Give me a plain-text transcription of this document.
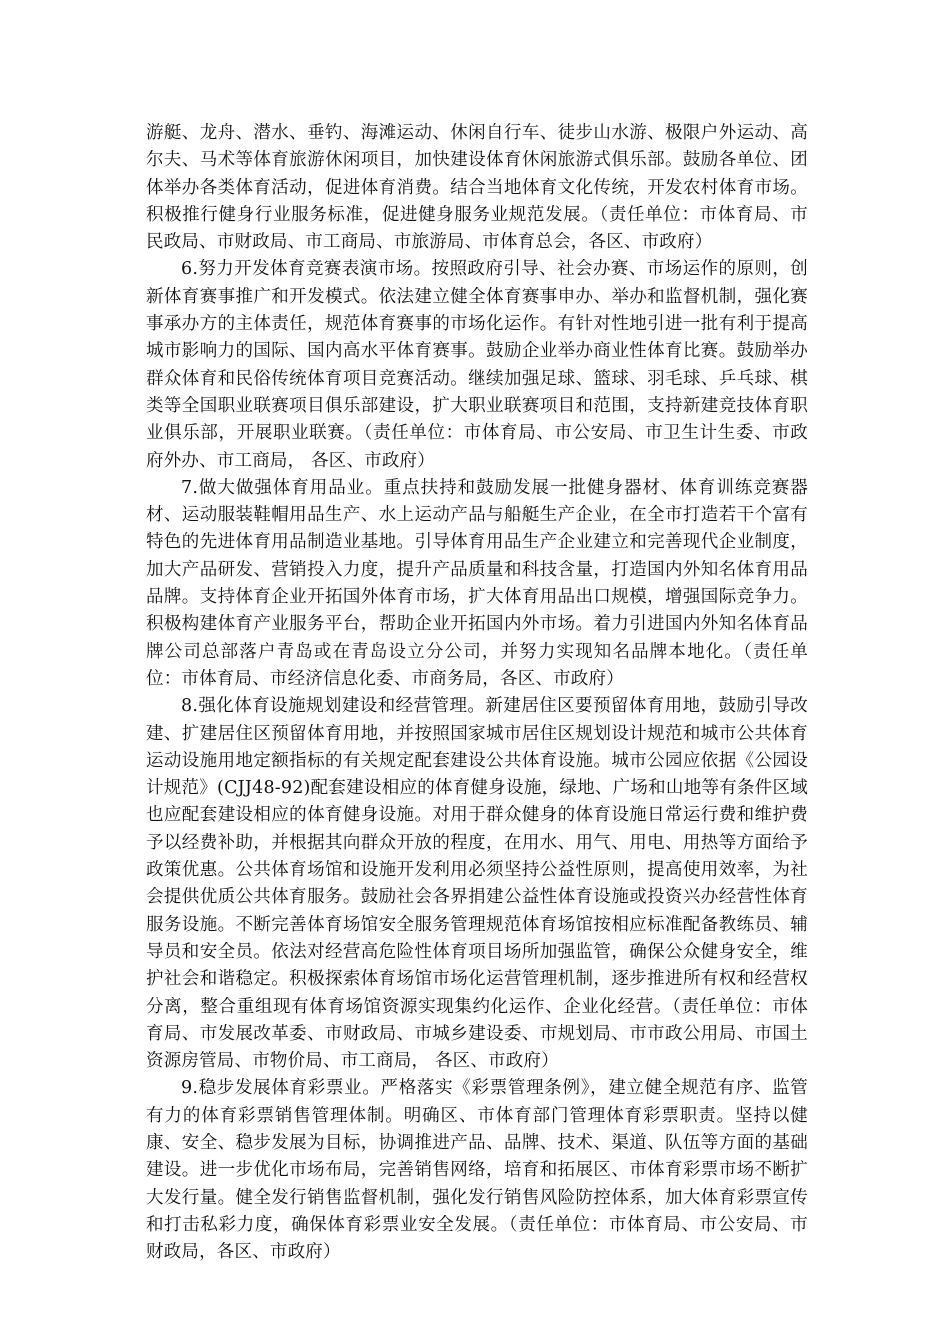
游艇、龙舟、潜水、垂钓、海滩运动、休闲自行车、徒步山水游、极限户外运动、高尔夫、马术等体育旅游休闲项目，加快建设体育休闲旅游式俱乐部。鼓励各单位、团体举办各类体育活动，促进体育消费。结合当地体育文化传统，开发农村体育市场。积极推行健身行业服务标准，促进健身服务业规范发展。（责任单位：市体育局、市民政局、市财政局、市工商局、市旅游局、市体育总会，各区、市政府）

6.努力开发体育竞赛表演市场。按照政府引导、社会办赛、市场运作的原则，创新体育赛事推广和开发模式。依法建立健全体育赛事申办、举办和监督机制，强化赛事承办方的主体责任，规范体育赛事的市场化运作。有针对性地引进一批有利于提高城市影响力的国际、国内高水平体育赛事。鼓励企业举办商业性体育比赛。鼓励举办群众体育和民俗传统体育项目竞赛活动。继续加强足球、篮球、羽毛球、乒乓球、棋类等全国职业联赛项目俱乐部建设，扩大职业联赛项目和范围，支持新建竞技体育职业俱乐部，开展职业联赛。（责任单位：市体育局、市公安局、市卫生计生委、市政府外办、市工商局， 各区、市政府）

7.做大做强体育用品业。重点扶持和鼓励发展一批健身器材、体育训练竞赛器材、运动服装鞋帽用品生产、水上运动产品与船艇生产企业，在全市打造若干个富有特色的先进体育用品制造业基地。引导体育用品生产企业建立和完善现代企业制度，加大产品研发、营销投入力度，提升产品质量和科技含量，打造国内外知名体育用品品牌。支持体育企业开拓国外体育市场，扩大体育用品出口规模，增强国际竞争力。积极构建体育产业服务平台，帮助企业开拓国内外市场。着力引进国内外知名体育品牌公司总部落户青岛或在青岛设立分公司，并努力实现知名品牌本地化。（责任单位：市体育局、市经济信息化委、市商务局，各区、市政府）

8.强化体育设施规划建设和经营管理。新建居住区要预留体育用地，鼓励引导改建、扩建居住区预留体育用地，并按照国家城市居住区规划设计规范和城市公共体育运动设施用地定额指标的有关规定配套建设公共体育设施。城市公园应依据《公园设计规范》(CJJ48-92)配套建设相应的体育健身设施，绿地、广场和山地等有条件区域也应配套建设相应的体育健身设施。对用于群众健身的体育设施日常运行费和维护费予以经费补助，并根据其向群众开放的程度，在用水、用气、用电、用热等方面给予政策优惠。公共体育场馆和设施开发利用必须坚持公益性原则，提高使用效率，为社会提供优质公共体育服务。鼓励社会各界捐建公益性体育设施或投资兴办经营性体育服务设施。不断完善体育场馆安全服务管理规范体育场馆按相应标准配备教练员、辅导员和安全员。依法对经营高危险性体育项目场所加强监管，确保公众健身安全，维护社会和谐稳定。积极探索体育场馆市场化运营管理机制，逐步推进所有权和经营权分离，整合重组现有体育场馆资源实现集约化运作、企业化经营。（责任单位：市体育局、市发展改革委、市财政局、市城乡建设委、市规划局、市市政公用局、市国土资源房管局、市物价局、市工商局， 各区、市政府）

9.稳步发展体育彩票业。严格落实《彩票管理条例》，建立健全规范有序、监管有力的体育彩票销售管理体制。明确区、市体育部门管理体育彩票职责。坚持以健康、安全、稳步发展为目标，协调推进产品、品牌、技术、渠道、队伍等方面的基础建设。进一步优化市场布局，完善销售网络，培育和拓展区、市体育彩票市场不断扩大发行量。健全发行销售监督机制，强化发行销售风险防控体系，加大体育彩票宣传和打击私彩力度，确保体育彩票业安全发展。（责任单位：市体育局、市公安局、市财政局，各区、市政府）
